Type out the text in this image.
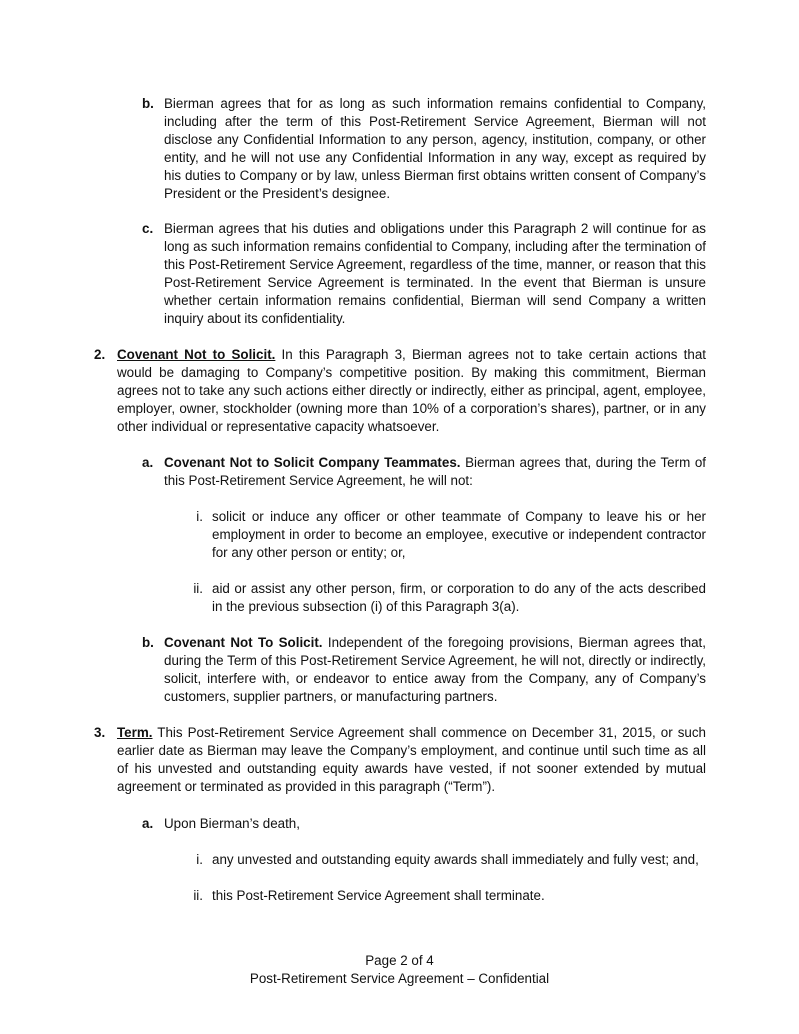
b. Bierman agrees that for as long as such information remains confidential to Company, including after the term of this Post-Retirement Service Agreement, Bierman will not disclose any Confidential Information to any person, agency, institution, company, or other entity, and he will not use any Confidential Information in any way, except as required by his duties to Company or by law, unless Bierman first obtains written consent of Company’s President or the President’s designee.
c. Bierman agrees that his duties and obligations under this Paragraph 2 will continue for as long as such information remains confidential to Company, including after the termination of this Post-Retirement Service Agreement, regardless of the time, manner, or reason that this Post-Retirement Service Agreement is terminated. In the event that Bierman is unsure whether certain information remains confidential, Bierman will send Company a written inquiry about its confidentiality.
2. Covenant Not to Solicit. In this Paragraph 3, Bierman agrees not to take certain actions that would be damaging to Company’s competitive position. By making this commitment, Bierman agrees not to take any such actions either directly or indirectly, either as principal, agent, employee, employer, owner, stockholder (owning more than 10% of a corporation’s shares), partner, or in any other individual or representative capacity whatsoever.
a. Covenant Not to Solicit Company Teammates. Bierman agrees that, during the Term of this Post-Retirement Service Agreement, he will not:
i. solicit or induce any officer or other teammate of Company to leave his or her employment in order to become an employee, executive or independent contractor for any other person or entity; or,
ii. aid or assist any other person, firm, or corporation to do any of the acts described in the previous subsection (i) of this Paragraph 3(a).
b. Covenant Not To Solicit. Independent of the foregoing provisions, Bierman agrees that, during the Term of this Post-Retirement Service Agreement, he will not, directly or indirectly, solicit, interfere with, or endeavor to entice away from the Company, any of Company’s customers, supplier partners, or manufacturing partners.
3. Term. This Post-Retirement Service Agreement shall commence on December 31, 2015, or such earlier date as Bierman may leave the Company’s employment, and continue until such time as all of his unvested and outstanding equity awards have vested, if not sooner extended by mutual agreement or terminated as provided in this paragraph (“Term”).
a. Upon Bierman’s death,
i. any unvested and outstanding equity awards shall immediately and fully vest; and,
ii. this Post-Retirement Service Agreement shall terminate.
Page 2 of 4
Post-Retirement Service Agreement – Confidential
